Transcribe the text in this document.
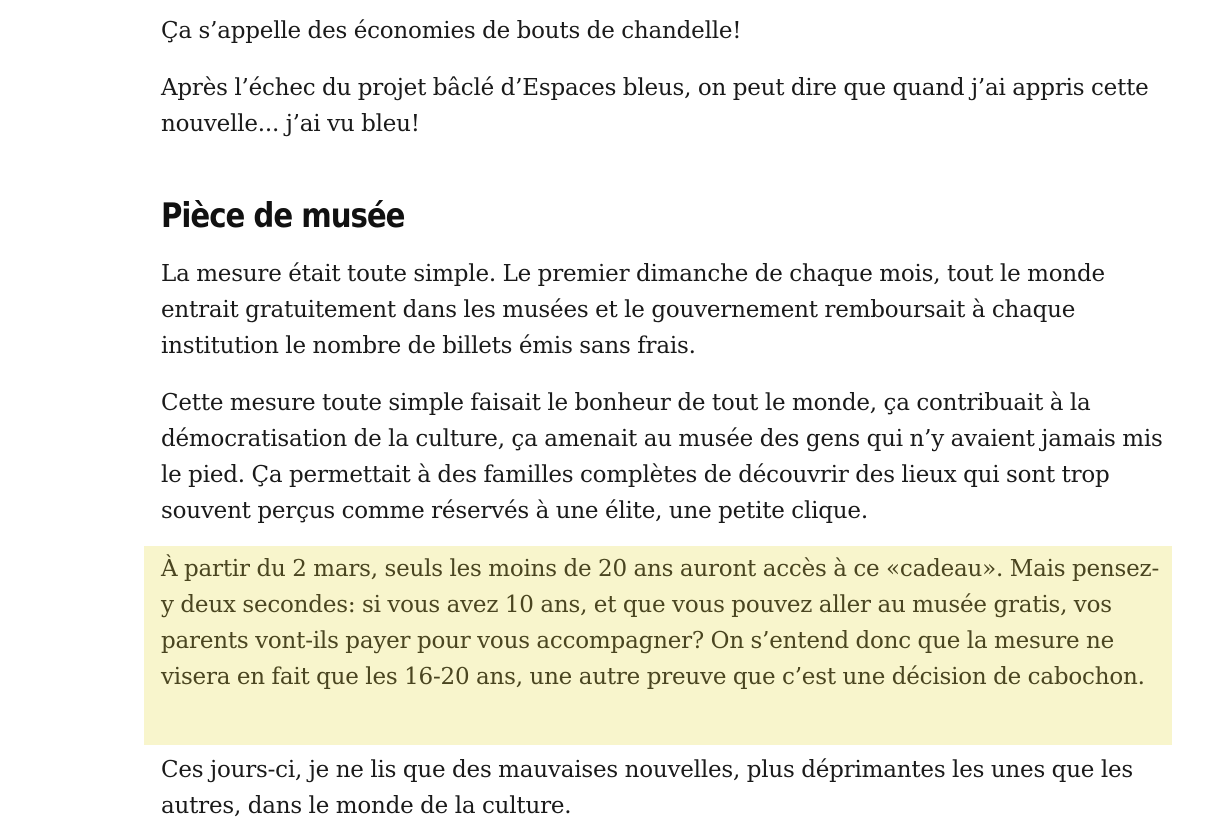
Ça s’appelle des économies de bouts de chandelle!

Après l’échec du projet bâclé d’Espaces bleus, on peut dire que quand j’ai appris cette nouvelle... j’ai vu bleu!

Pièce de musée

La mesure était toute simple. Le premier dimanche de chaque mois, tout le monde entrait gratuitement dans les musées et le gouvernement remboursait à chaque institution le nombre de billets émis sans frais.

Cette mesure toute simple faisait le bonheur de tout le monde, ça contribuait à la démocratisation de la culture, ça amenait au musée des gens qui n’y avaient jamais mis le pied. Ça permettait à des familles complètes de découvrir des lieux qui sont trop souvent perçus comme réservés à une élite, une petite clique.

À partir du 2 mars, seuls les moins de 20 ans auront accès à ce «cadeau». Mais pensez-y deux secondes: si vous avez 10 ans, et que vous pouvez aller au musée gratis, vos parents vont-ils payer pour vous accompagner? On s’entend donc que la mesure ne visera en fait que les 16-20 ans, une autre preuve que c’est une décision de cabochon.

Ces jours-ci, je ne lis que des mauvaises nouvelles, plus déprimantes les unes que les autres, dans le monde de la culture.
